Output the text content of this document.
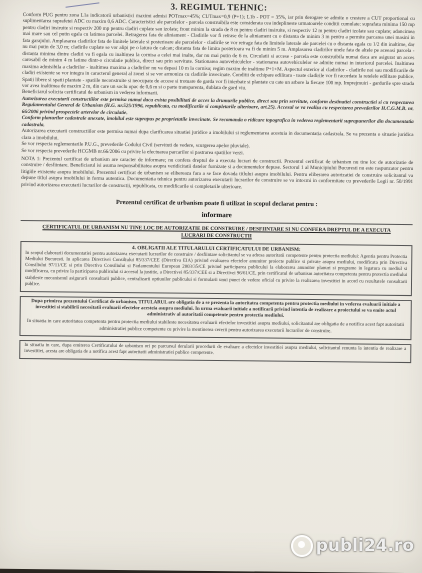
3. REGIMUL TEHNIC:

Conform PUG pentru zona L1a indicatorii urbanistici maximi admisi POTmax=45%; CUTmax=0,9 (P+1); L1b - POT = 35%, iar prin derogare se admite o crestere a CUT proportional cu suplimentarea suprafetei ADC cu maxim 0,6 ADC. Caracteristici ale parcelelor - parcela construibila este considerata cea indeplineste urmatoarele conditii cumulate: suprafata minima 150 mp pentru cladiri insiruite si respectiv 200 mp pentru cladiri cuplate sau izolate; front minim la strada de 8 m pentru cladiri insiruite, si respectiv 12 m pentru cladiri izolate sau cuplate; adancimea mai mare sau cel putin egala cu latimea parcelei. Retragerea fata de aliniament - Cladirile vor fi retrase de la aliniament cu o distanta de minim 3 m pentru a permite parcarea unei masini in fata garajului. Amplasarea cladirilor fata de limitele laterale si posterioare ale parcelelor - cladirile se vor retrage fata de limitele laterale ale parcelei cu o distanta egala cu 1/2 din inaltime, dar nu mai putin de 3,0 m; cladirile cuplate se vor alipi pe o latura de calcan; distanta fata de limita posterioara va fi de minim 5 m. Amplasarea cladirilor unele fata de altele pe aceeasi parcela - distanta minima dintre cladiri va fi egala cu inaltimea la cornisa a celei mai inalte, dar nu mai putin de 6 m. Circulatii si accese - parcela este construibila numai daca are asigurat un acces carosabil de minim 4 m latime dintr-o circulatie publica, direct sau prin servitute. Stationarea autovehiculelor - stationarea autovehiculelor se admite numai in interiorul parcelei. Inaltimea maxima admisibila a cladirilor - inaltimea maxima a cladirilor nu va depasi 10 m la cornisa; regim maxim de inaltime P+1+M. Aspectul exterior al cladirilor - cladirile noi sau modificarile de cladiri existente se vor integra in caracterul general al zonei si se vor armoniza cu cladirile invecinate. Conditii de echipare edilitara - toate cladirile vor fi racordate la retelele edilitare publice. Spatii libere si spatii plantate - spatiile neconstruite si neocupate de accese si trotuare de garda vor fi inierbate si plantate cu cate un arbore la fiecare 100 mp. Imprejmuiri - gardurile spre strada vor avea inaltimea de maxim 2 m, din care un soclu opac de 0,6 m si o parte transparenta, dublata de gard viu.

Beneficiarul solicita certificatul de urbanism in vederea informarii.

Autorizarea executarii constructiilor este permisa numai daca exista posibilitati de acces la drumurile publice, direct sau prin servitute, conform destinatiei constructiei si cu respectarea Regulamentului General de Urbanism (H.G. nr.525/1996, republicata, cu modificarile si completarile ulterioare, art.25). Accesul se va realiza cu respectarea prevederilor H.C.G.M.B. nr. 66/2006 privind prospectele arterelor de circulatie.

Conform planurilor cadastrale anexate, imobilul este suprapus pe proprietatile invecinate. Se recomanda o ridicare topografica in vederea reglementarii suprapunerilor din documentatia cadastrala.

Autorizarea executarii constructiilor este permisa numai dupa clarificarea situatiei juridice a imobilului si reglementarea acestuia in documentatia cadastrala. Se va prezenta o situatie juridica clara a imobilului.

Se vor respecta reglementarile P.U.G., prevederile Codului Civil (servituti de vedere, scurgerea apelor pluviale).

Se vor respecta prevederile HCGMB nr.66/2006 cu privire la efectuarea parcarilor si pastrarea spatiilor verzi.

NOTA 1: Prezentul certificat de urbanism are caracter de informare; nu confera dreptul de a executa lucrari de constructii. Prezentul certificat de urbanism nu tine loc de autorizatie de construire / desfiintare. Beneficiarul isi asuma responsabilitatea asupra veridicitatii datelor furnizate si a documentelor depuse. Sectorul 1 al Municipiului Bucuresti nu este raspunzator pentru litigiile existente asupra imobilului. Prezentul certificat de urbanism se elibereaza fara a se face dovada titlului asupra imobilului. Pentru eliberarea autorizatiei de construire solicitantul va depune titlul asupra imobilului in forma autentica. Documentatia tehnica pentru autorizarea executarii lucrarilor de construire se va intocmi in conformitate cu prevederile Legii nr. 50/1991 privind autorizarea executarii lucrarilor de constructii, republicata, cu modificarile si completarile ulterioare.

Prezentul certificat de urbanism poate fi utilizat in scopul declarat pentru :
informare
CERTIFICATUL DE URBANISM NU TINE LOC DE AUTORIZATIE DE CONSTRUIRE / DESFIINTARE SI NU CONFERA DREPTUL DE A EXECUTA
LUCRARI DE CONSTRUCTII
4. OBLIGATII ALE TITULARULUI CERTIFICATULUI DE URBANISM:
In scopul elaborarii documentatiei pentru autorizarea executarii lucrarilor de construire / desfiintare solicitantul se va adresa autoritatii competente pentru protectia mediului: Agentia pentru Protectia Mediului Bucuresti. In aplicarea Directivei Consiliului 85/337/CEE (Directiva EIA) privind evaluarea efectelor anumitor proiecte publice si private asupra mediului, modificata prin Directiva Consiliului 97/11/CE si prin Directiva Consiliului si Parlamentului European 2003/35/CE privind participarea publicului la elaborarea anumitor planuri si programe in legatura cu mediul si modificarea, cu privire la participarea publicului si accesul la justitie, a Directivei 85/337/CEE si a Directivei 96/61/CE, prin certificatul de urbanism autoritatea competenta pentru protectia mediului stabileste mecanismul asigurarii consultarii publice, centralizarii optiunilor publicului si formularii unui punct de vedere oficial cu privire la realizarea investitiei in acord cu rezultatele consultarii publice.
Dupa primirea prezentului Certificat de urbanism, TITULARUL are obligatia de a se prezenta la autoritatea competenta pentru protectia mediului in vederea evaluarii initiale a investitiei si stabilirii necesitatii evaluarii efectelor acesteia asupra mediului. In urma evaluarii initiale a notificarii privind intentia de realizare a proiectului se va emite actul administrativ al autoritatii competente pentru protectia mediului.
In situatia in care autoritatea competenta pentru protectia mediului stabileste necesitatea evaluarii efectelor investitiei asupra mediului, solicitantul are obligatia de a notifica acest fapt autoritatii administratiei publice competente cu privire la mentinerea cererii pentru autorizarea executarii lucrarilor de construire.
In situatia in care, dupa emiterea Certificatului de urbanism ori pe parcursul derularii procedurii de evaluare a efectelor investitiei asupra mediului, solicitantul renunta la intentia de realizare a investitiei, acesta are obligatia de a notifica acest fapt autoritatii administratiei publice competente.
publi24.ro
